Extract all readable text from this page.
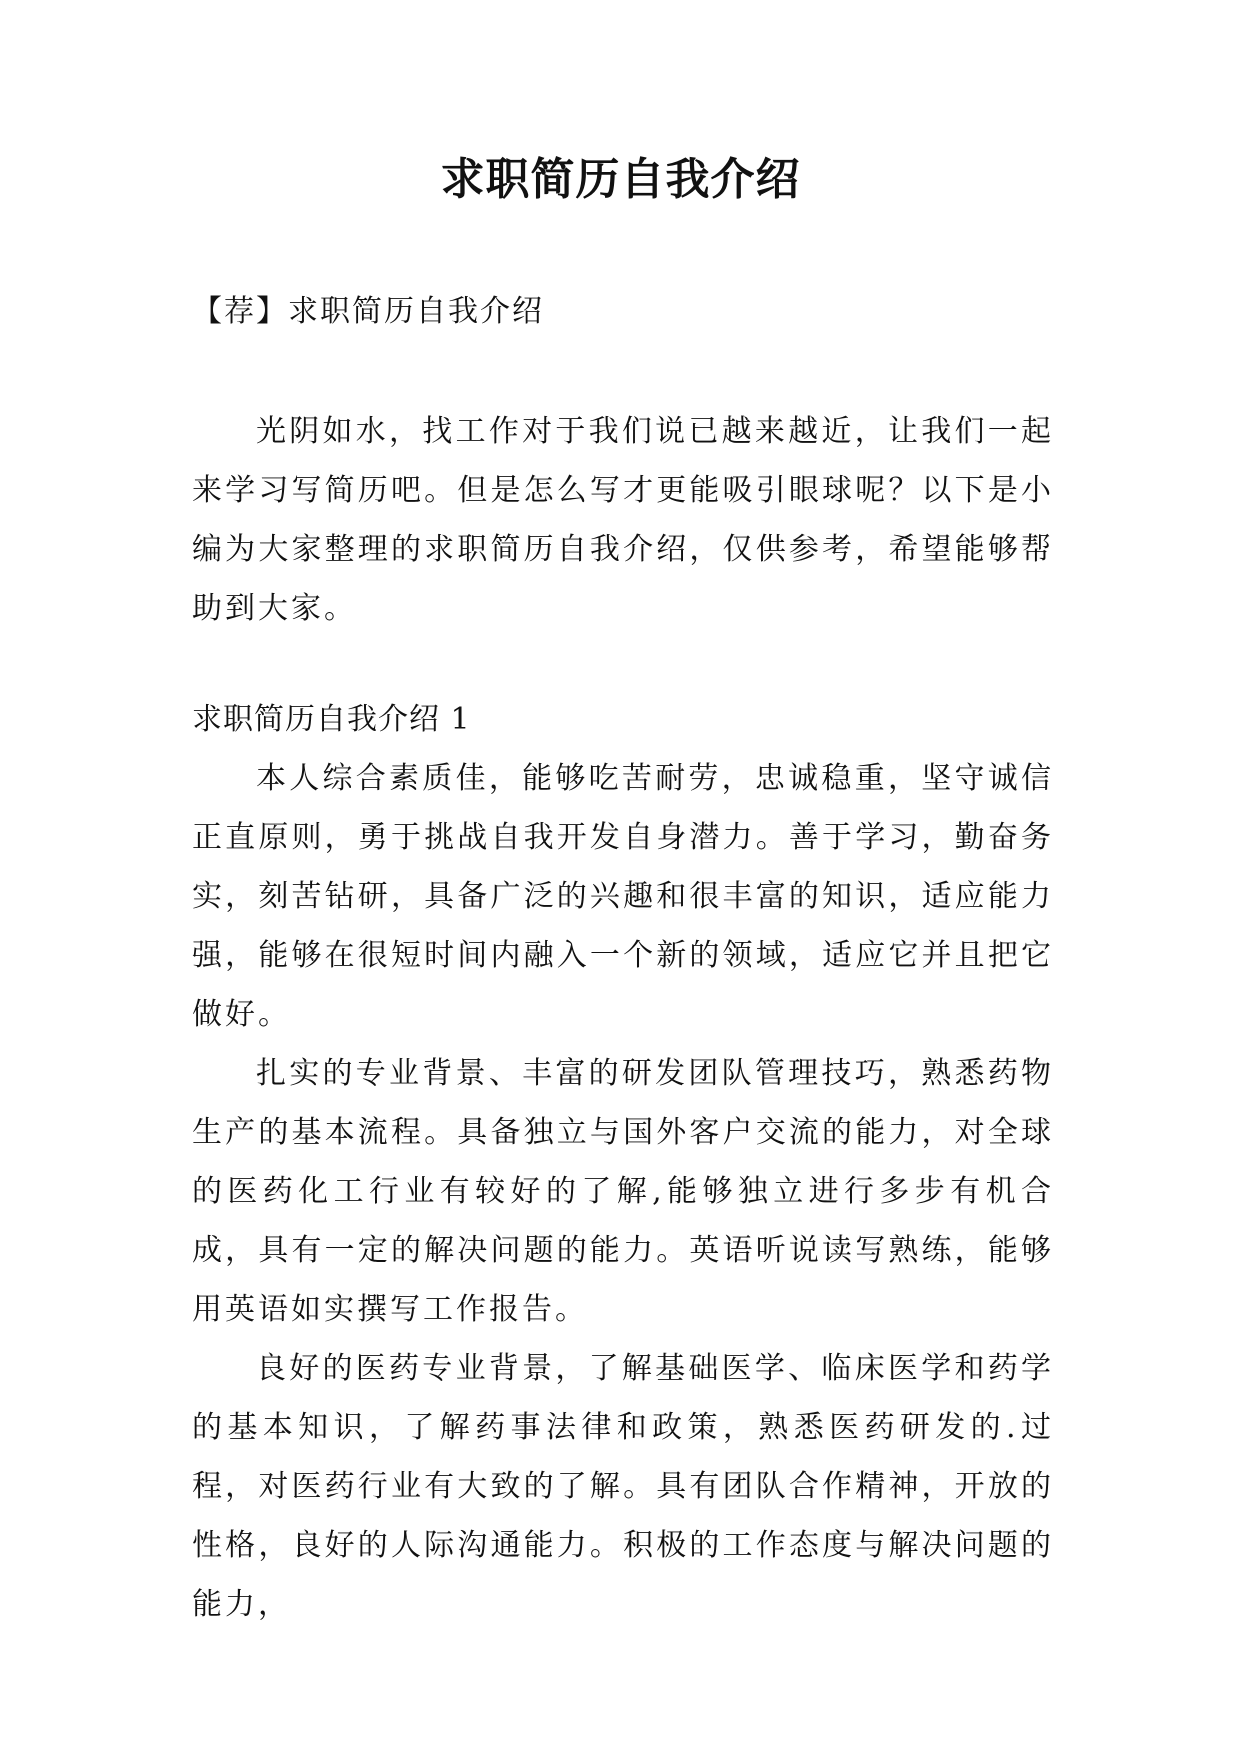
求职简历自我介绍
【荐】求职简历自我介绍

光阴如水，找工作对于我们说已越来越近，让我们一起来学习写简历吧。但是怎么写才更能吸引眼球呢？以下是小编为大家整理的求职简历自我介绍，仅供参考，希望能够帮助到大家。

求职简历自我介绍 1

本人综合素质佳，能够吃苦耐劳，忠诚稳重，坚守诚信正直原则，勇于挑战自我开发自身潜力。善于学习，勤奋务实，刻苦钻研，具备广泛的兴趣和很丰富的知识，适应能力强，能够在很短时间内融入一个新的领域，适应它并且把它做好。

扎实的专业背景、丰富的研发团队管理技巧，熟悉药物生产的基本流程。具备独立与国外客户交流的能力，对全球的医药化工行业有较好的了解,能够独立进行多步有机合成，具有一定的解决问题的能力。英语听说读写熟练，能够用英语如实撰写工作报告。

良好的医药专业背景，了解基础医学、临床医学和药学的基本知识，了解药事法律和政策，熟悉医药研发的.过程，对医药行业有大致的了解。具有团队合作精神，开放的性格，良好的人际沟通能力。积极的工作态度与解决问题的能力，
